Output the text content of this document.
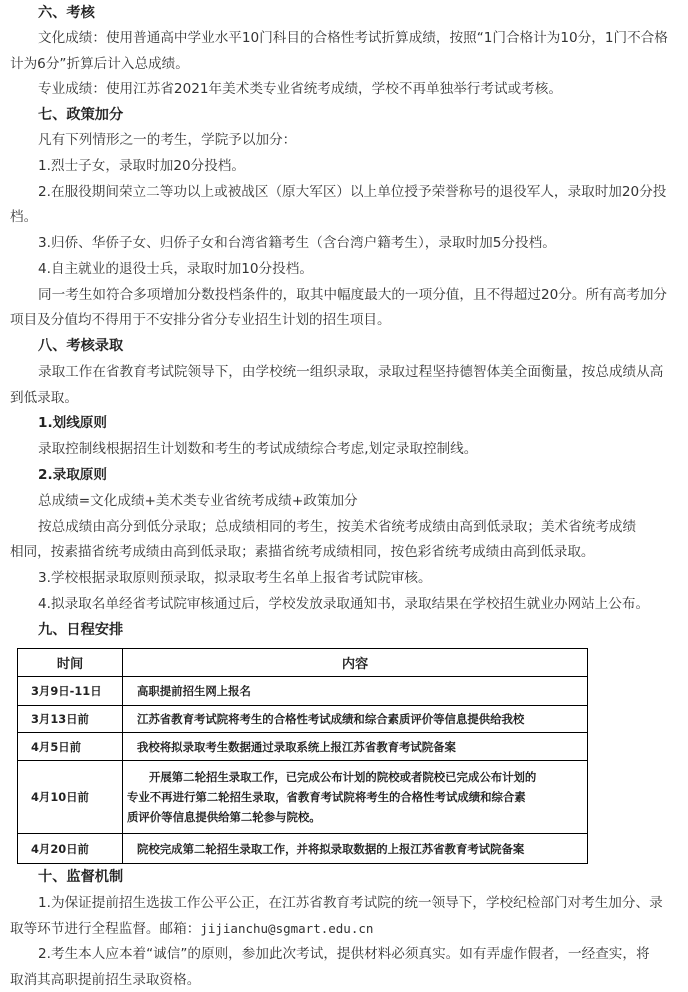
六、考核
文化成绩：使用普通高中学业水平10门科目的合格性考试折算成绩，按照“1门合格计为10分，1门不合格
计为6分”折算后计入总成绩。
专业成绩：使用江苏省2021年美术类专业省统考成绩，学校不再单独举行考试或考核。
七、政策加分
凡有下列情形之一的考生，学院予以加分：
1.烈士子女，录取时加20分投档。
2.在服役期间荣立二等功以上或被战区（原大军区）以上单位授予荣誉称号的退役军人，录取时加20分投
档。
3.归侨、华侨子女、归侨子女和台湾省籍考生（含台湾户籍考生），录取时加5分投档。
4.自主就业的退役士兵，录取时加10分投档。
同一考生如符合多项增加分数投档条件的，取其中幅度最大的一项分值，且不得超过20分。所有高考加分
项目及分值均不得用于不安排分省分专业招生计划的招生项目。
八、考核录取
录取工作在省教育考试院领导下，由学校统一组织录取，录取过程坚持德智体美全面衡量，按总成绩从高
到低录取。
1.划线原则
录取控制线根据招生计划数和考生的考试成绩综合考虑,划定录取控制线。
2.录取原则
总成绩=文化成绩+美术类专业省统考成绩+政策加分
按总成绩由高分到低分录取；总成绩相同的考生，按美术省统考成绩由高到低录取；美术省统考成绩
相同，按素描省统考成绩由高到低录取；素描省统考成绩相同，按色彩省统考成绩由高到低录取。
3.学校根据录取原则预录取，拟录取考生名单上报省考试院审核。
4.拟录取名单经省考试院审核通过后，学校发放录取通知书，录取结果在学校招生就业办网站上公布。
九、日程安排
时间	内容
3月9日-11日	高职提前招生网上报名
3月13日前	江苏省教育考试院将考生的合格性考试成绩和综合素质评价等信息提供给我校
4月5日前	我校将拟录取考生数据通过录取系统上报江苏省教育考试院备案
4月10日前	开展第二轮招生录取工作，已完成公布计划的院校或者院校已完成公布计划的
专业不再进行第二轮招生录取，省教育考试院将考生的合格性考试成绩和综合素
质评价等信息提供给第二轮参与院校。

4月20日前	院校完成第二轮招生录取工作，并将拟录取数据的上报江苏省教育考试院备案
十、监督机制
1.为保证提前招生选拔工作公平公正，在江苏省教育考试院的统一领导下，学校纪检部门对考生加分、录
取等环节进行全程监督。邮箱：jijianchu@sgmart.edu.cn
2.考生本人应本着“诚信”的原则，参加此次考试，提供材料必须真实。如有弄虚作假者，一经查实，将
取消其高职提前招生录取资格。
